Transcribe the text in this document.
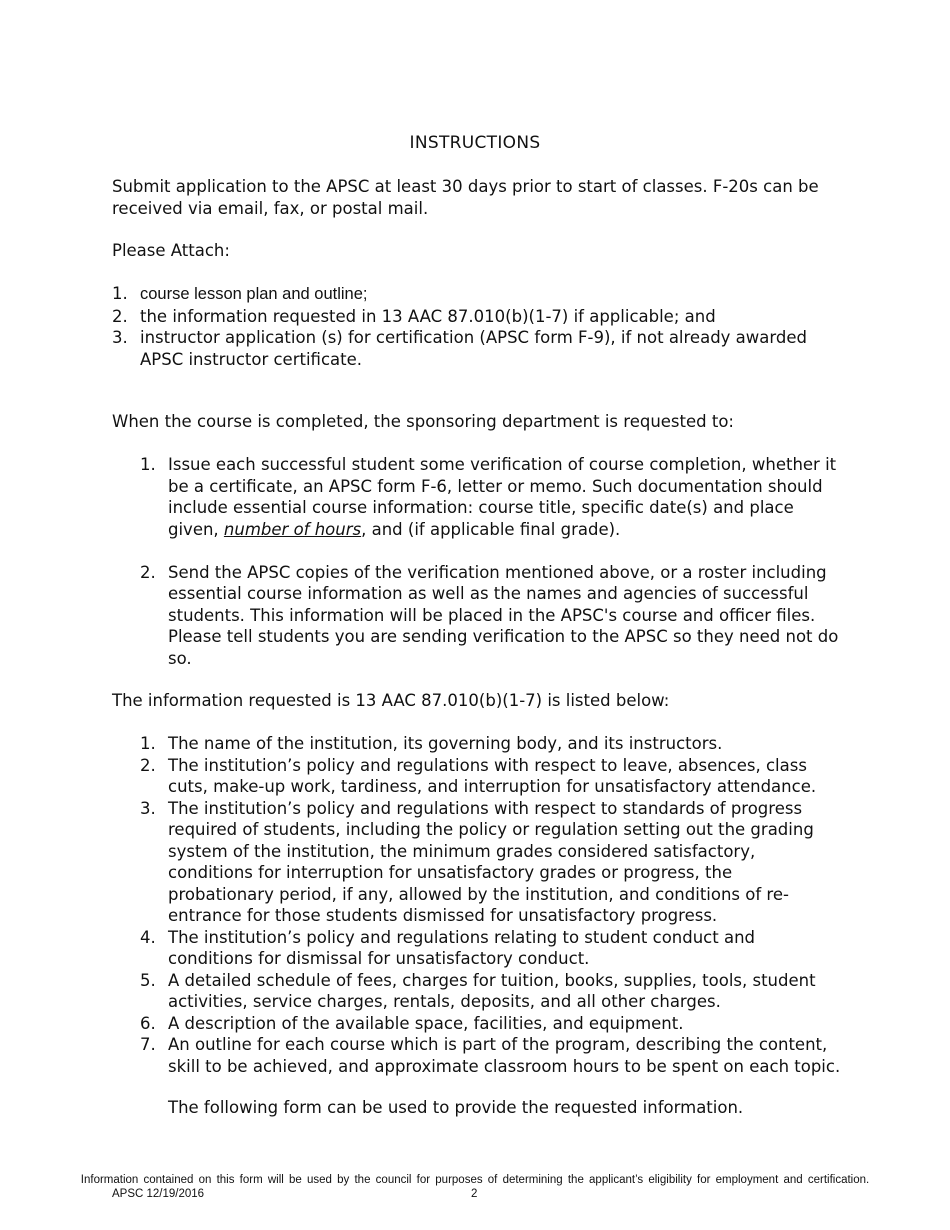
INSTRUCTIONS
Submit application to the APSC at least 30 days prior to start of classes. F-20s can be received via email, fax, or postal mail.
Please Attach:
1. course lesson plan and outline;
2. the information requested in 13 AAC 87.010(b)(1-7) if applicable; and
3. instructor application (s) for certification (APSC form F-9), if not already awarded APSC instructor certificate.
When the course is completed, the sponsoring department is requested to:
1. Issue each successful student some verification of course completion, whether it be a certificate, an APSC form F-6, letter or memo. Such documentation should include essential course information: course title, specific date(s) and place given, number of hours, and (if applicable final grade).
2. Send the APSC copies of the verification mentioned above, or a roster including essential course information as well as the names and agencies of successful students. This information will be placed in the APSC's course and officer files. Please tell students you are sending verification to the APSC so they need not do so.
The information requested is 13 AAC 87.010(b)(1-7) is listed below:
1. The name of the institution, its governing body, and its instructors.
2. The institution’s policy and regulations with respect to leave, absences, class cuts, make-up work, tardiness, and interruption for unsatisfactory attendance.
3. The institution’s policy and regulations with respect to standards of progress required of students, including the policy or regulation setting out the grading system of the institution, the minimum grades considered satisfactory, conditions for interruption for unsatisfactory grades or progress, the probationary period, if any, allowed by the institution, and conditions of re-entrance for those students dismissed for unsatisfactory progress.
4. The institution’s policy and regulations relating to student conduct and conditions for dismissal for unsatisfactory conduct.
5. A detailed schedule of fees, charges for tuition, books, supplies, tools, student activities, service charges, rentals, deposits, and all other charges.
6. A description of the available space, facilities, and equipment.
7. An outline for each course which is part of the program, describing the content, skill to be achieved, and approximate classroom hours to be spent on each topic.
The following form can be used to provide the requested information.
Information contained on this form will be used by the council for purposes of determining the applicant’s eligibility for employment and certification.
APSC 12/19/2016	2
